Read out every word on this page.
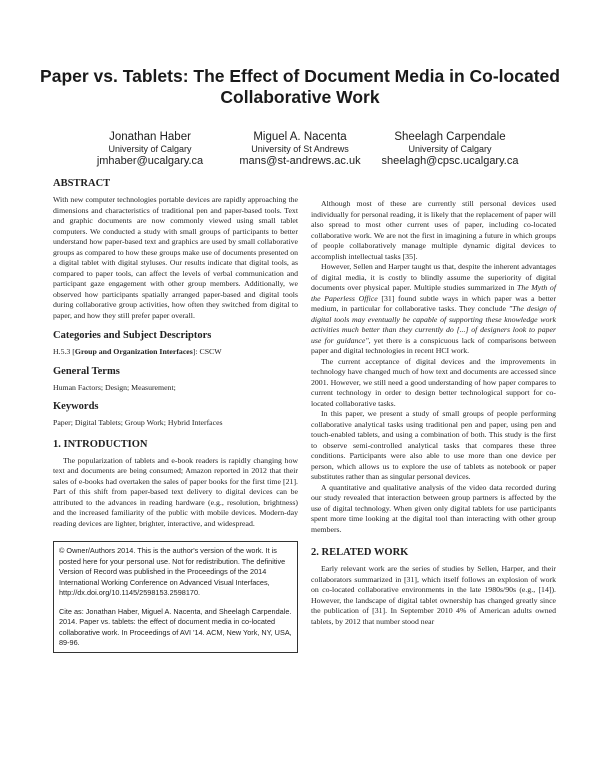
Paper vs. Tablets: The Effect of Document Media in Co-located Collaborative Work
Jonathan Haber
University of Calgary
jmhaber@ucalgary.ca
Miguel A. Nacenta
University of St Andrews
mans@st-andrews.ac.uk
Sheelagh Carpendale
University of Calgary
sheelagh@cpsc.ucalgary.ca
ABSTRACT

With new computer technologies portable devices are rapidly approaching the dimensions and characteristics of traditional pen and paper-based tools. Text and graphic documents are now commonly viewed using small tablet computers. We conducted a study with small groups of participants to better understand how paper-based text and graphics are used by small collaborative groups as compared to how these groups make use of documents presented on a digital tablet with digital styluses. Our results indicate that digital tools, as compared to paper tools, can affect the levels of verbal communication and participant gaze engagement with other group members. Additionally, we observed how participants spatially arranged paper-based and digital tools during collaborative group activities, how often they switched from digital to paper, and how they still prefer paper overall.

Categories and Subject Descriptors

H.5.3 [Group and Organization Interfaces]: CSCW

General Terms

Human Factors; Design; Measurement;

Keywords

Paper; Digital Tablets; Group Work; Hybrid Interfaces

1. INTRODUCTION

The popularization of tablets and e-book readers is rapidly changing how text and documents are being consumed; Amazon reported in 2012 that their sales of e-books had overtaken the sales of paper books for the first time [21]. Part of this shift from paper-based text delivery to digital devices can be attributed to the advances in reading hardware (e.g., resolution, brightness) and the increased familiarity of the public with mobile devices. Modern-day reading devices are lighter, brighter, interactive, and widespread.

© Owner/Authors 2014. This is the author's version of the work. It is posted here for your personal use. Not for redistribution. The definitive Version of Record was published in the Proceedings of the 2014 International Working Conference on Advanced Visual Interfaces, http://dx.doi.org/10.1145/2598153.2598170.

Cite as: Jonathan Haber, Miguel A. Nacenta, and Sheelagh Carpendale. 2014. Paper vs. tablets: the effect of document media in co-located collaborative work. In Proceedings of AVI '14. ACM, New York, NY, USA, 89-96.

Although most of these are currently still personal devices used individually for personal reading, it is likely that the replacement of paper will also spread to most other current uses of paper, including co-located collaborative work. We are not the first in imagining a future in which groups of people collaboratively manage multiple dynamic digital devices to accomplish intellectual tasks [35].

However, Sellen and Harper taught us that, despite the inherent advantages of digital media, it is costly to blindly assume the superiority of digital documents over physical paper. Multiple studies summarized in The Myth of the Paperless Office [31] found subtle ways in which paper was a better medium, in particular for collaborative tasks. They conclude "The design of digital tools may eventually be capable of supporting these knowledge work activities much better than they currently do [...] of designers look to paper use for guidance", yet there is a conspicuous lack of comparisons between paper and digital technologies in recent HCI work.

The current acceptance of digital devices and the improvements in technology have changed much of how text and documents are accessed since 2001. However, we still need a good understanding of how paper compares to current technology in order to design better technological support for co-located collaborative tasks.

In this paper, we present a study of small groups of people performing collaborative analytical tasks using traditional pen and paper, using pen and touch-enabled tablets, and using a combination of both. This study is the first to observe semi-controlled analytical tasks that compares these three conditions. Participants were also able to use more than one device per person, which allows us to explore the use of tablets as notebook or paper substitutes rather than as singular personal devices.

A quantitative and qualitative analysis of the video data recorded during our study revealed that interaction between group partners is affected by the use of digital technology. When given only digital tablets for use participants spent more time looking at the digital tool than interacting with other group members.

2. RELATED WORK

Early relevant work are the series of studies by Sellen, Harper, and their collaborators summarized in [31], which itself follows an explosion of work on co-located collaborative environments in the late 1980s/90s (e.g., [14]). However, the landscape of digital tablet ownership has changed greatly since the publication of [31]. In September 2010 4% of American adults owned tablets, by 2012 that number stood near
